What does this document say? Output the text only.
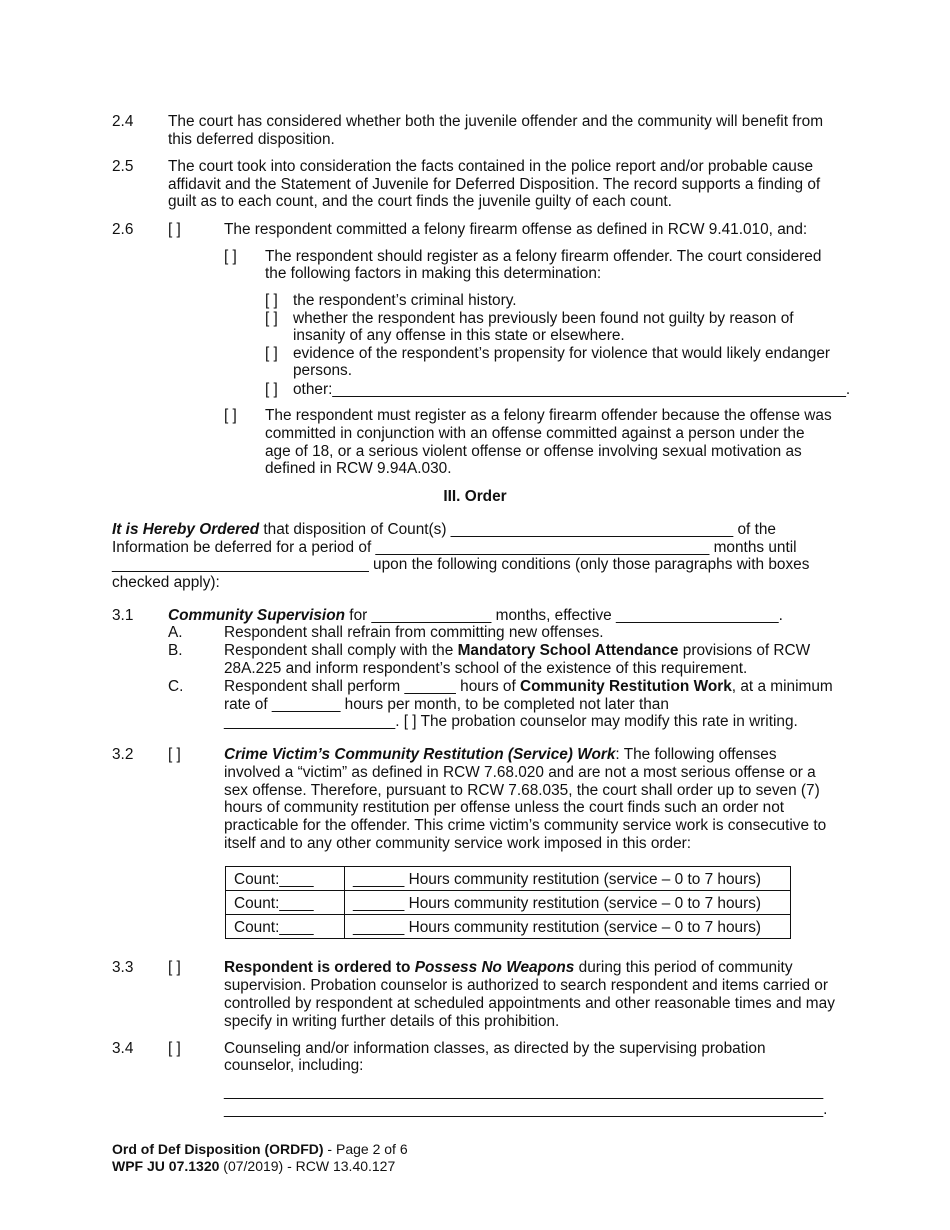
2.4 The court has considered whether both the juvenile offender and the community will benefit from
this deferred disposition.
2.5 The court took into consideration the facts contained in the police report and/or probable cause
affidavit and the Statement of Juvenile for Deferred Disposition. The record supports a finding of
guilt as to each count, and the court finds the juvenile guilty of each count.
2.6 [ ]	The respondent committed a felony firearm offense as defined in RCW 9.41.010, and:
[ ] The respondent should register as a felony firearm offender. The court considered
the following factors in making this determination:
[ ] the respondent’s criminal history.
[ ] whether the respondent has previously been found not guilty by reason of
insanity of any offense in this state or elsewhere.
[ ] evidence of the respondent’s propensity for violence that would likely endanger
persons.
[ ] other:____________________________________________________________.
[ ] The respondent must register as a felony firearm offender because the offense was
committed in conjunction with an offense committed against a person under the
age of 18, or a serious violent offense or offense involving sexual motivation as
defined in RCW 9.94A.030.
III. Order
It is Hereby Ordered that disposition of Count(s) _________________________________ of the
Information be deferred for a period of _______________________________________ months until
______________________________ upon the following conditions (only those paragraphs with boxes
checked apply):
3.1 Community Supervision for ______________ months, effective ___________________.
A.	Respondent shall refrain from committing new offenses.
B.	Respondent shall comply with the Mandatory School Attendance provisions of RCW
28A.225 and inform respondent’s school of the existence of this requirement.
C.	Respondent shall perform ______ hours of Community Restitution Work, at a minimum
rate of ________ hours per month, to be completed not later than
____________________. [ ] The probation counselor may modify this rate in writing.
3.2 [ ]	Crime Victim’s Community Restitution (Service) Work: The following offenses
involved a “victim” as defined in RCW 7.68.020 and are not a most serious offense or a
sex offense. Therefore, pursuant to RCW 7.68.035, the court shall order up to seven (7)
hours of community restitution per offense unless the court finds such an order not
practicable for the offender. This crime victim’s community service work is consecutive to
itself and to any other community service work imposed in this order:
Count:____	______ Hours community restitution (service – 0 to 7 hours)
Count:____	______ Hours community restitution (service – 0 to 7 hours)
Count:____	______ Hours community restitution (service – 0 to 7 hours)
3.3 [ ]	Respondent is ordered to Possess No Weapons during this period of community
supervision. Probation counselor is authorized to search respondent and items carried or
controlled by respondent at scheduled appointments and other reasonable times and may
specify in writing further details of this prohibition.
3.4 [ ]	Counseling and/or information classes, as directed by the supervising probation
counselor, including:
______________________________________________________________________
______________________________________________________________________.
Ord of Def Disposition (ORDFD) - Page 2 of 6
WPF JU 07.1320 (07/2019) - RCW 13.40.127
